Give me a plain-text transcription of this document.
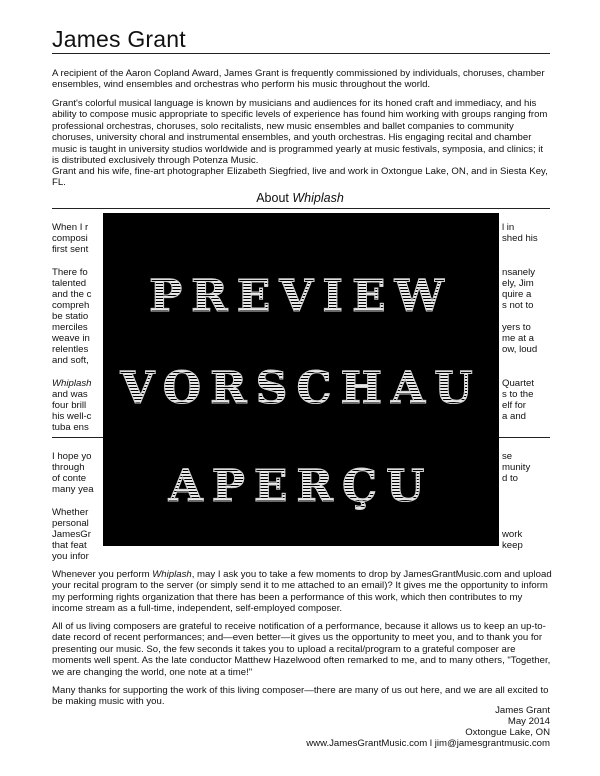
James Grant

A recipient of the Aaron Copland Award, James Grant is frequently commissioned by individuals, choruses, chamber ensembles, wind ensembles and orchestras who perform his music throughout the world.

Grant's colorful musical language is known by musicians and audiences for its honed craft and immediacy, and his ability to compose music appropriate to specific levels of experience has found him working with groups ranging from professional orchestras, choruses, solo recitalists, new music ensembles and ballet companies to community choruses, university choral and instrumental ensembles, and youth orchestras. His engaging recital and chamber music is taught in university studios worldwide and is programmed yearly at music festivals, symposia, and clinics; it is distributed exclusively through Potenza Music.

Grant and his wife, fine-art photographer Elizabeth Siegfried, live and work in Oxtongue Lake, ON, and in Siesta Key, FL.

About Whiplash
When I r	l in
composi	shed his
first sent
There fo	nsanely
talented	ely, Jim
and the c	quire a
compreh	s not to
be statio
merciles	yers to
weave in	me at a
relentles	ow, loud
and soft,
Whiplash	Quartet
and was	s to the
four brill	elf for
his well-c	a and
tuba ens
I hope yo	se
through	munity
of conte	d to
many yea
Whether
personal
JamesGr	work
that feat	keep
you infor
PREVIEW
VORSCHAU
APERÇU

Whenever you perform Whiplash, may I ask you to take a few moments to drop by JamesGrantMusic.com and upload your recital program to the server (or simply send it to me attached to an email)? It gives me the opportunity to inform my performing rights organization that there has been a performance of this work, which then contributes to my income stream as a full-time, independent, self-employed composer.

All of us living composers are grateful to receive notification of a performance, because it allows us to keep an up-to-date record of recent performances; and—even better—it gives us the opportunity to meet you, and to thank you for presenting our music. So, the few seconds it takes you to upload a recital/program to a grateful composer are moments well spent. As the late conductor Matthew Hazelwood often remarked to me, and to many others, "Together, we are changing the world, one note at a time!"

Many thanks for supporting the work of this living composer—there are many of us out here, and we are all excited to be making music with you.

James Grant
May 2014
Oxtongue Lake, ON
www.JamesGrantMusic.com l jim@jamesgrantmusic.com
